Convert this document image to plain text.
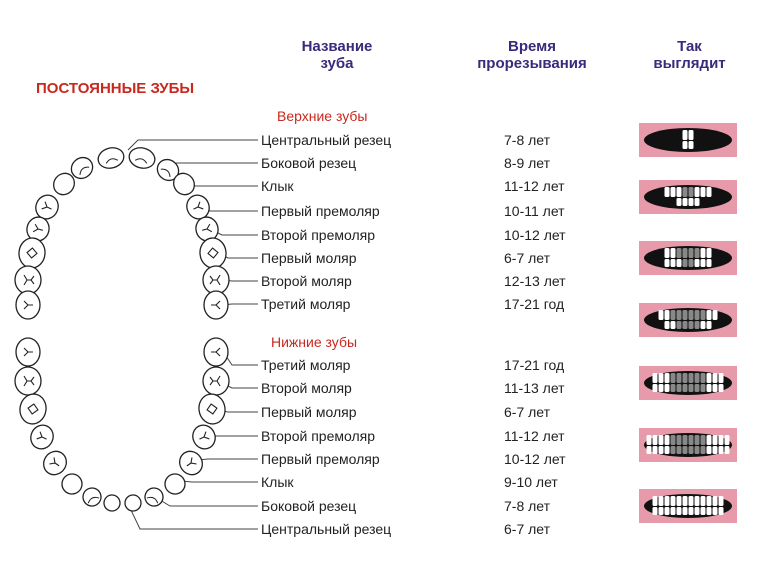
Название
зуба
Время
прорезывания
Так
выглядит
ПОСТОЯННЫЕ ЗУБЫ
Верхние зубы
Нижние зубы
Центральный резец	7-8 лет
Боковой резец	8-9 лет
Клык	11-12 лет
Первый премоляр	10-11 лет
Второй премоляр	10-12 лет
Первый моляр	6-7 лет
Второй моляр	12-13 лет
Третий моляр	17-21 год
Третий моляр	17-21 год
Второй моляр	11-13 лет
Первый моляр	6-7 лет
Второй премоляр	11-12 лет
Первый премоляр	10-12 лет
Клык	9-10 лет
Боковой резец	7-8 лет
Центральный резец	6-7 лет
